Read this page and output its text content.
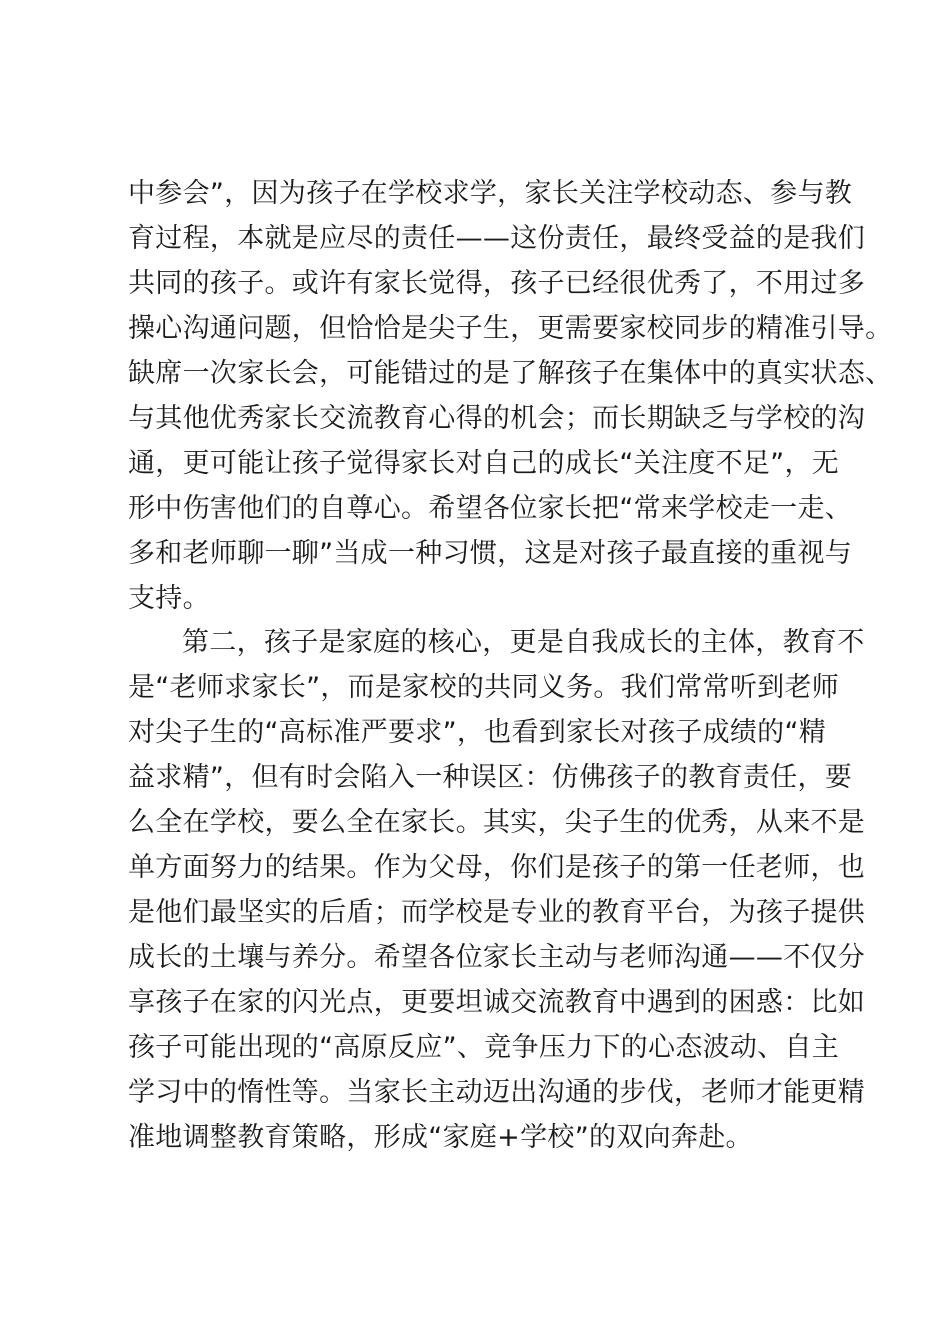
中参会”，因为孩子在学校求学，家长关注学校动态、参与教
育过程，本就是应尽的责任——这份责任，最终受益的是我们
共同的孩子。或许有家长觉得，孩子已经很优秀了，不用过多
操心沟通问题，但恰恰是尖子生，更需要家校同步的精准引导。
缺席一次家长会，可能错过的是了解孩子在集体中的真实状态、
与其他优秀家长交流教育心得的机会；而长期缺乏与学校的沟
通，更可能让孩子觉得家长对自己的成长“关注度不足”，无
形中伤害他们的自尊心。希望各位家长把“常来学校走一走、
多和老师聊一聊”当成一种习惯，这是对孩子最直接的重视与
支持。
第二，孩子是家庭的核心，更是自我成长的主体，教育不
是“老师求家长”，而是家校的共同义务。我们常常听到老师
对尖子生的“高标准严要求”，也看到家长对孩子成绩的“精
益求精”，但有时会陷入一种误区：仿佛孩子的教育责任，要
么全在学校，要么全在家长。其实，尖子生的优秀，从来不是
单方面努力的结果。作为父母，你们是孩子的第一任老师，也
是他们最坚实的后盾；而学校是专业的教育平台，为孩子提供
成长的土壤与养分。希望各位家长主动与老师沟通——不仅分
享孩子在家的闪光点，更要坦诚交流教育中遇到的困惑：比如
孩子可能出现的“高原反应”、竞争压力下的心态波动、自主
学习中的惰性等。当家长主动迈出沟通的步伐，老师才能更精
准地调整教育策略，形成“家庭+学校”的双向奔赴。
